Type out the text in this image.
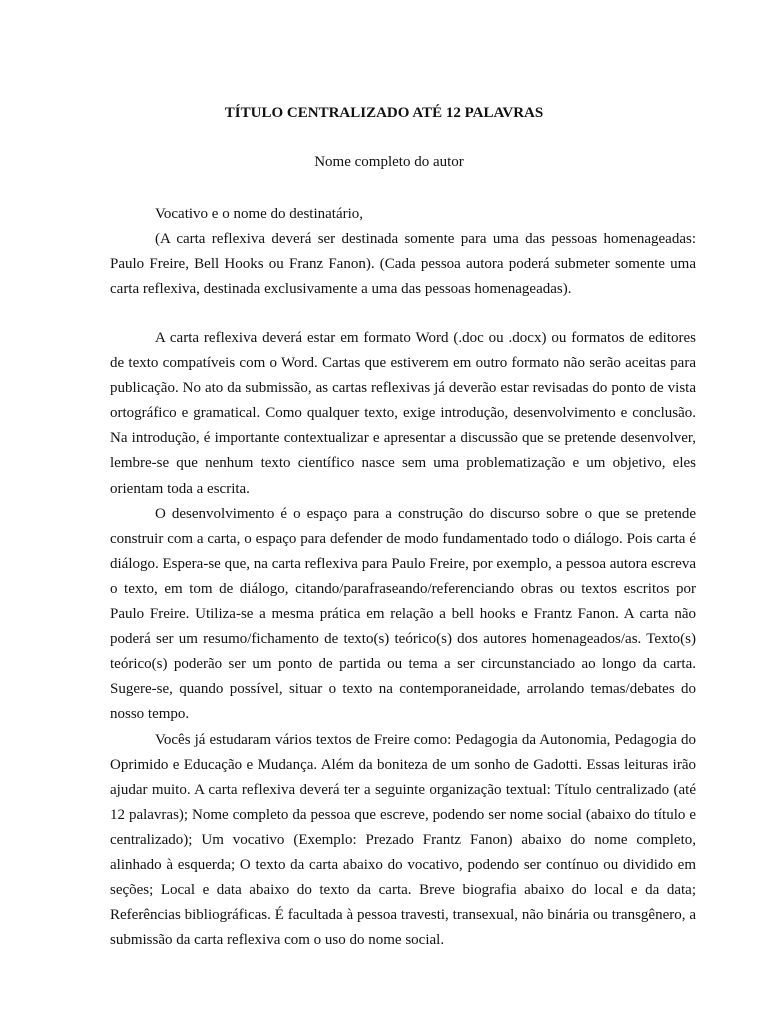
TÍTULO CENTRALIZADO ATÉ 12 PALAVRAS
Nome completo do autor

Vocativo e o nome do destinatário,

(A carta reflexiva deverá ser destinada somente para uma das pessoas homenageadas: Paulo Freire, Bell Hooks ou Franz Fanon). (Cada pessoa autora poderá submeter somente uma carta reflexiva, destinada exclusivamente a uma das pessoas homenageadas).

A carta reflexiva deverá estar em formato Word (.doc ou .docx) ou formatos de editores de texto compatíveis com o Word. Cartas que estiverem em outro formato não serão aceitas para publicação. No ato da submissão, as cartas reflexivas já deverão estar revisadas do ponto de vista ortográfico e gramatical. Como qualquer texto, exige introdução, desenvolvimento e conclusão. Na introdução, é importante contextualizar e apresentar a discussão que se pretende desenvolver, lembre-se que nenhum texto científico nasce sem uma problematização e um objetivo, eles orientam toda a escrita.

O desenvolvimento é o espaço para a construção do discurso sobre o que se pretende construir com a carta, o espaço para defender de modo fundamentado todo o diálogo. Pois carta é diálogo. Espera-se que, na carta reflexiva para Paulo Freire, por exemplo, a pessoa autora escreva o texto, em tom de diálogo, citando/parafraseando/referenciando obras ou textos escritos por Paulo Freire. Utiliza-se a mesma prática em relação a bell hooks e Frantz Fanon. A carta não poderá ser um resumo/fichamento de texto(s) teórico(s) dos autores homenageados/as. Texto(s) teórico(s) poderão ser um ponto de partida ou tema a ser circunstanciado ao longo da carta. Sugere-se, quando possível, situar o texto na contemporaneidade, arrolando temas/debates do nosso tempo.

Vocês já estudaram vários textos de Freire como: Pedagogia da Autonomia, Pedagogia do Oprimido e Educação e Mudança. Além da boniteza de um sonho de Gadotti. Essas leituras irão ajudar muito. A carta reflexiva deverá ter a seguinte organização textual: Título centralizado (até 12 palavras); Nome completo da pessoa que escreve, podendo ser nome social (abaixo do título e centralizado); Um vocativo (Exemplo: Prezado Frantz Fanon) abaixo do nome completo, alinhado à esquerda; O texto da carta abaixo do vocativo, podendo ser contínuo ou dividido em seções; Local e data abaixo do texto da carta. Breve biografia abaixo do local e da data; Referências bibliográficas. É facultada à pessoa travesti, transexual, não binária ou transgênero, a submissão da carta reflexiva com o uso do nome social.
